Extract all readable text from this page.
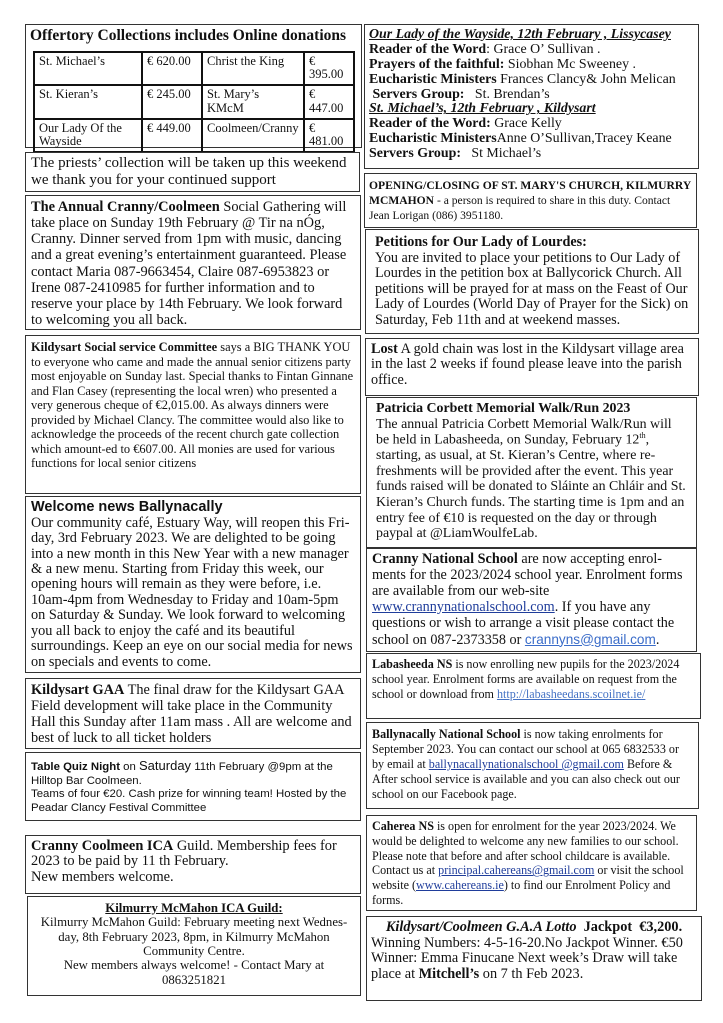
Offertory Collections includes Online donations
St. Michael’s	€ 620.00	Christ the King	€ 395.00
St. Kieran’s	€ 245.00	St. Mary’s KMcM	€ 447.00
Our Lady Of the Wayside	€ 449.00	Coolmeen/Cranny	€ 481.00
The priests’ collection will be taken up this weekend we thank you for your continued support
The Annual Cranny/Coolmeen Social Gathering will take place on Sunday 19th February @ Tir na nÓg, Cranny. Dinner served from 1pm with music, dancing and a great evening’s entertainment guaranteed. Please contact Maria 087-9663454, Claire 087-6953823 or Irene 087-2410985 for further information and to reserve your place by 14th February. We look forward to welcoming you all back.
Kildysart Social service Committee says a BIG THANK YOU to everyone who came and made the annual senior citizens party most enjoyable on Sunday last. Special thanks to Fintan Ginnane and Flan Casey (representing the local wren) who presented a very generous cheque of €2,015.00. As always dinners were provided by Michael Clancy. The committee would also like to acknowledge the proceeds of the recent church gate collection which amount-ed to €607.00. All monies are used for various functions for local senior citizens
Welcome news Ballynacally
Our community café, Estuary Way, will reopen this Fri-day, 3rd February 2023. We are delighted to be going into a new month in this New Year with a new manager & a new menu. Starting from Friday this week, our opening hours will remain as they were before, i.e. 10am-4pm from Wednesday to Friday and 10am-5pm on Saturday & Sunday. We look forward to welcoming you all back to enjoy the café and its beautiful surroundings. Keep an eye on our social media for news on specials and events to come.
Kildysart GAA The final draw for the Kildysart GAA Field development will take place in the Community Hall this Sunday after 11am mass . All are welcome and best of luck to all ticket holders
Table Quiz Night on Saturday 11th February @9pm at the Hilltop Bar Coolmeen.
Teams of four €20. Cash prize for winning team! Hosted by the Peadar Clancy Festival Committee
Cranny Coolmeen ICA Guild. Membership fees for 2023 to be paid by 11 th February.
New members welcome.
Kilmurry McMahon ICA Guild:
Kilmurry McMahon Guild: February meeting next Wednes-day, 8th February 2023, 8pm, in Kilmurry McMahon Community Centre.
New members always welcome! - Contact Mary at 0863251821
Our Lady of the Wayside, 12th February , Lissycasey
Reader of the Word: Grace O’ Sullivan .
Prayers of the faithful: Siobhan Mc Sweeney .
Eucharistic Ministers Frances Clancy& John Melican
Servers Group:   St. Brendan’s
St. Michael’s, 12th February , Kildysart
Reader of the Word: Grace Kelly
Eucharistic MinistersAnne O’Sullivan,Tracey Keane
Servers Group:   St Michael’s
OPENING/CLOSING OF ST. MARY'S CHURCH, KILMURRY MCMAHON - a person is required to share in this duty. Contact Jean Lorigan (086) 3951180.
Petitions for Our Lady of Lourdes:
You are invited to place your petitions to Our Lady of Lourdes in the petition box at Ballycorick Church. All petitions will be prayed for at mass on the Feast of Our Lady of Lourdes (World Day of Prayer for the Sick) on Saturday, Feb 11th and at weekend masses.
Lost A gold chain was lost in the Kildysart village area in the last 2 weeks if found please leave into the parish office.
Patricia Corbett Memorial Walk/Run 2023
The annual Patricia Corbett Memorial Walk/Run will be held in Labasheeda, on Sunday, February 12th, starting, as usual, at St. Kieran’s Centre, where re-freshments will be provided after the event. This year funds raised will be donated to Sláinte an Chláir and St. Kieran’s Church funds. The starting time is 1pm and an entry fee of €10 is requested on the day or through paypal at @LiamWoulfeLab.
Cranny National School are now accepting enrol-ments for the 2023/2024 school year. Enrolment forms are available from our web-site www.crannynationalschool.com. If you have any questions or wish to arrange a visit please contact the school on 087-2373358 or crannyns@gmail.com.
Labasheeda NS is now enrolling new pupils for the 2023/2024 school year. Enrolment forms are available on request from the school or download from http://labasheedans.scoilnet.ie/
Ballynacally National School is now taking enrolments for September 2023. You can contact our school at 065 6832533 or by email at ballynacallynationalschool @gmail.com Before & After school service is available and you can also check out our school on our Facebook page.
Caherea NS is open for enrolment for the year 2023/2024. We would be delighted to welcome any new families to our school. Please note that before and after school childcare is available. Contact us at principal.cahereans@gmail.com or visit the school website (www.cahereans.ie) to find our Enrolment Policy and forms.
Kildysart/Coolmeen G.A.A Lotto  Jackpot  €3,200.
Winning Numbers: 4-5-16-20.No Jackpot Winner. €50 Winner: Emma Finucane Next week’s Draw will take place at Mitchell’s on 7 th Feb 2023.
